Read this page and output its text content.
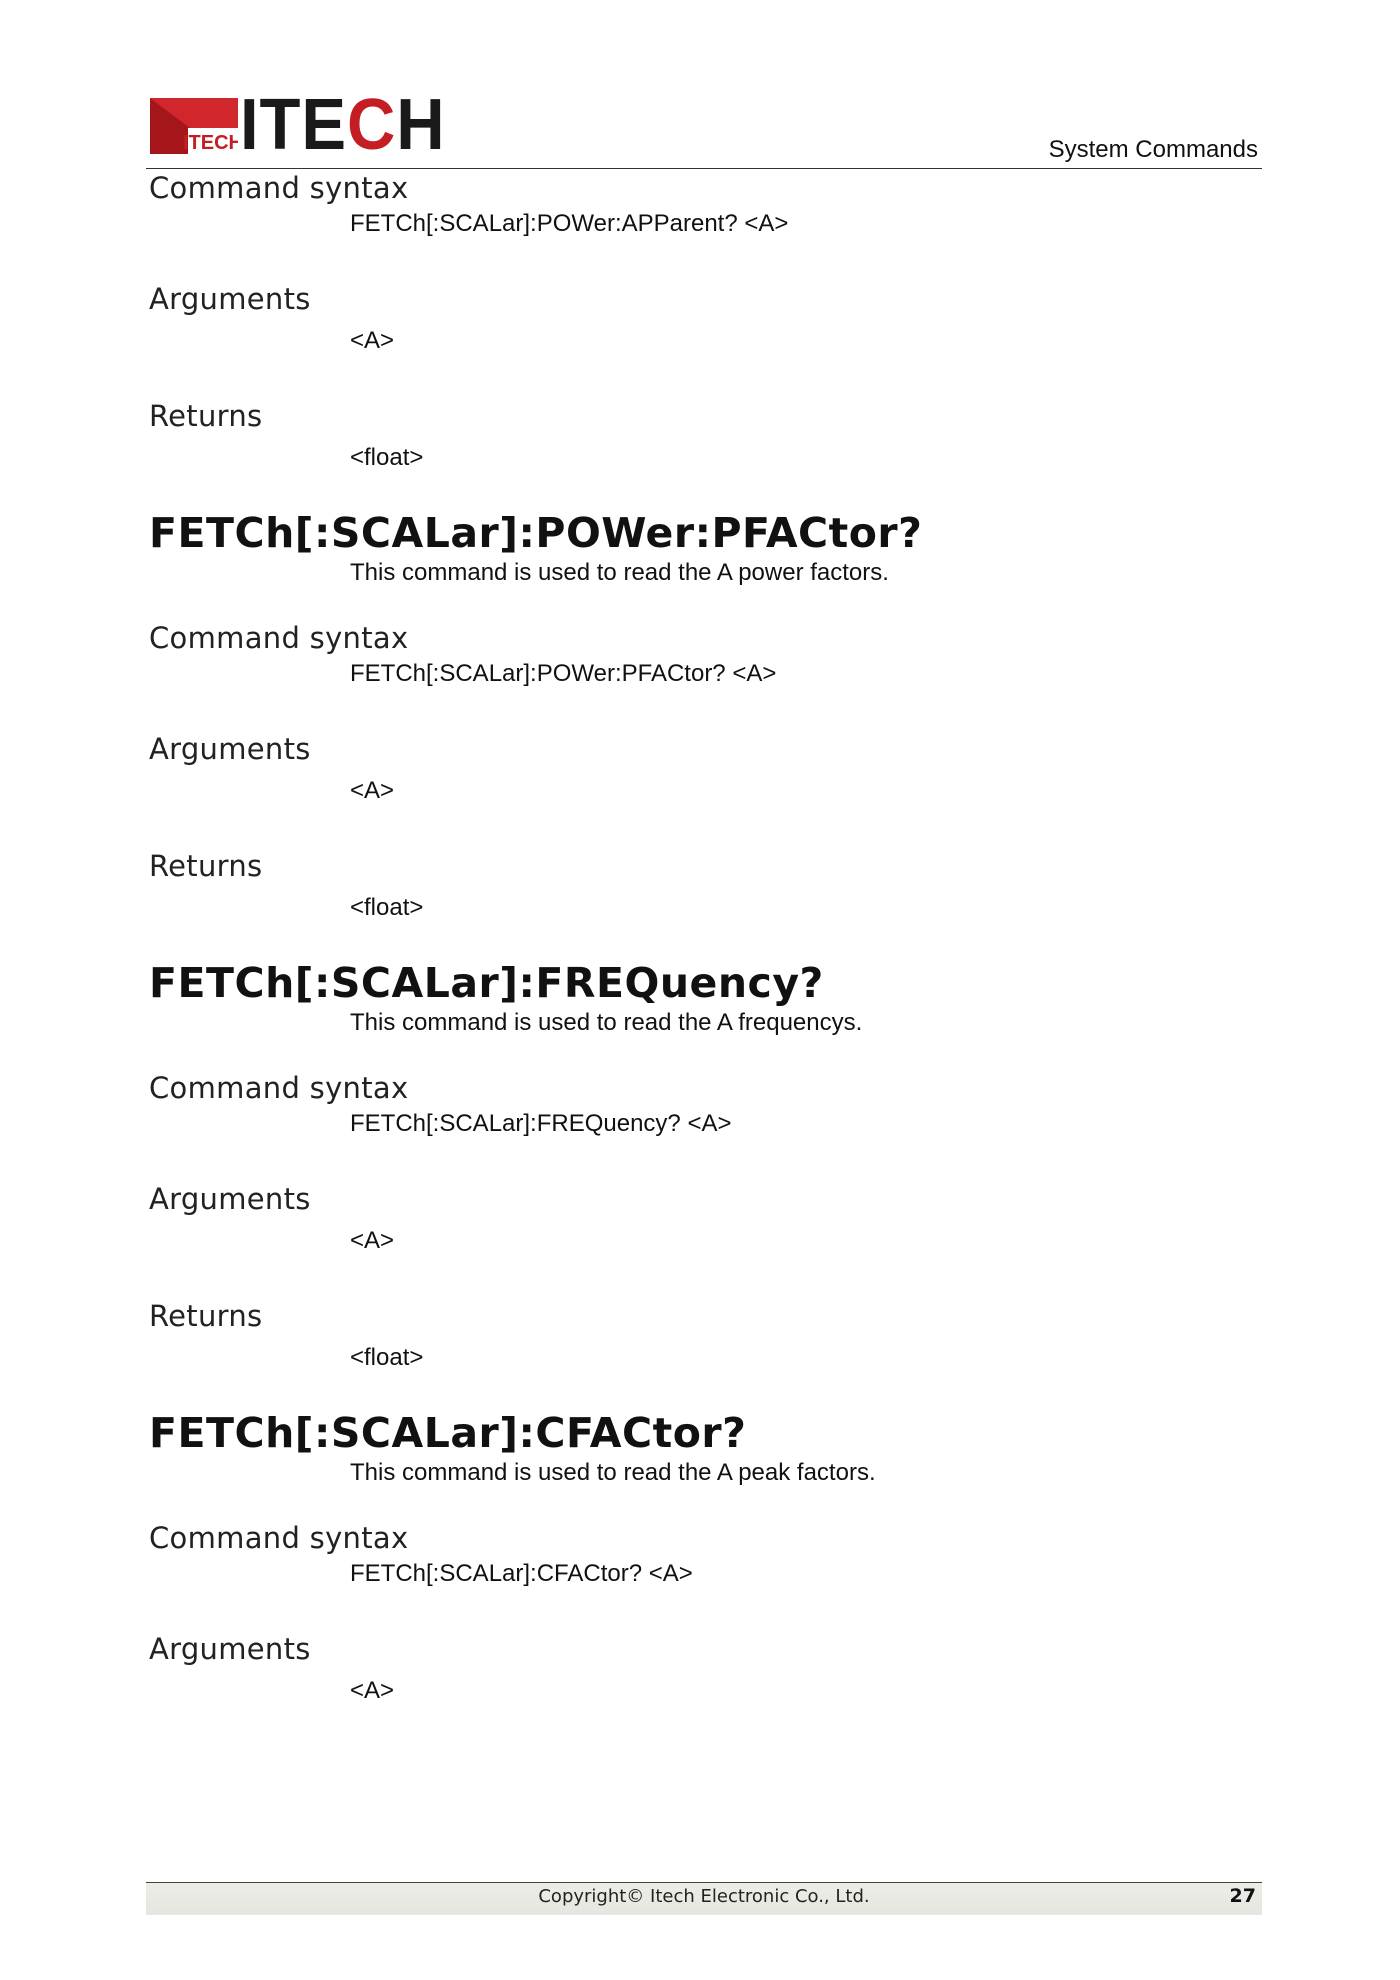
ITECH
ITECH	System Commands

Command syntax

FETCh[:SCALar]:POWer:APParent? <A>

Arguments

<A>

Returns

<float>

FETCh[:SCALar]:POWer:PFACtor?

This command is used to read the A power factors.

Command syntax

FETCh[:SCALar]:POWer:PFACtor? <A>

Arguments

<A>

Returns

<float>

FETCh[:SCALar]:FREQuency?

This command is used to read the A frequencys.

Command syntax

FETCh[:SCALar]:FREQuency? <A>

Arguments

<A>

Returns

<float>

FETCh[:SCALar]:CFACtor?

This command is used to read the A peak factors.

Command syntax

FETCh[:SCALar]:CFACtor? <A>

Arguments

<A>

Copyright© Itech Electronic Co., Ltd.	27
